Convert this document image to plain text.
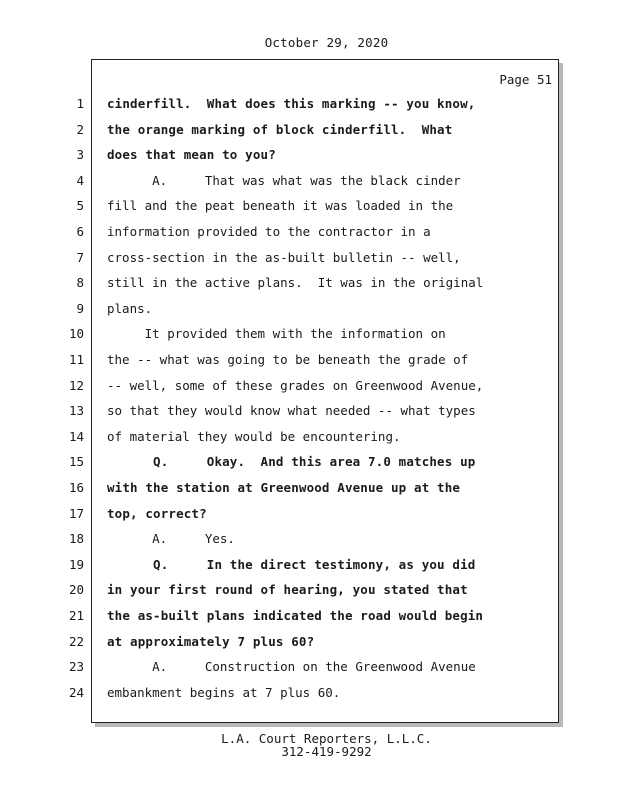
October 29, 2020
Page 51
1 cinderfill.  What does this marking -- you know,
2 the orange marking of block cinderfill.  What
3 does that mean to you?
4 A.     That was what was the black cinder
5 fill and the peat beneath it was loaded in the
6 information provided to the contractor in a
7 cross-section in the as-built bulletin -- well,
8 still in the active plans.  It was in the original
9 plans.
10 It provided them with the information on
11 the -- what was going to be beneath the grade of
12 -- well, some of these grades on Greenwood Avenue,
13 so that they would know what needed -- what types
14 of material they would be encountering.
15 Q.     Okay.  And this area 7.0 matches up
16 with the station at Greenwood Avenue up at the
17 top, correct?
18 A.     Yes.
19 Q.     In the direct testimony, as you did
20 in your first round of hearing, you stated that
21 the as-built plans indicated the road would begin
22 at approximately 7 plus 60?
23 A.     Construction on the Greenwood Avenue
24 embankment begins at 7 plus 60.
L.A. Court Reporters, L.L.C.
312-419-9292
